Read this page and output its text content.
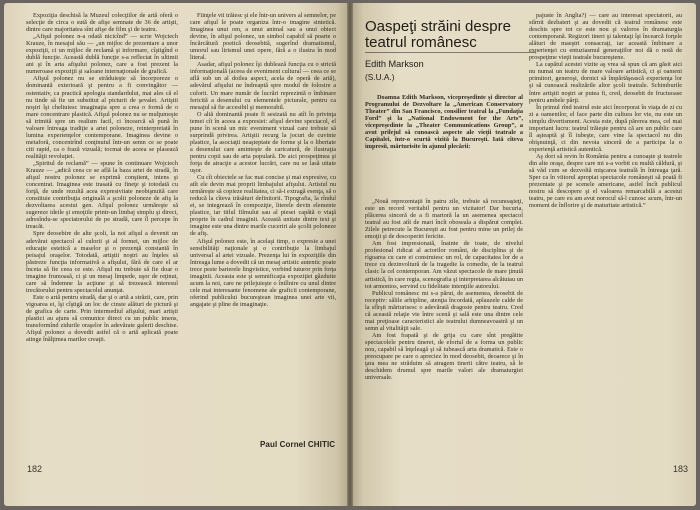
Expoziţia deschisă la Muzeul colecţiilor de artă oferă o selecţie de circa o sută de afişe semnate de 36 de artişti, dintre care majoritatea sînt afişe de film şi de teatru.

„Afişul polonez n-a odată nicicînd” — scrie Wojciech Krauze, în mesajul său — „un mijloc de prezentare a unor expoziţii, ci un mijloc de reclamă şi informare, cîştigînd o dublă funcţie. Această dublă funcţie s-a reflectat în ultimii ani şi în arta afişului polonez, care a fost prezent la numeroase expoziţii şi saloane internaţionale de grafică.

Afişul polonez nu se străduieşte să încorporeze o dominantă exterioară şi pentru a fi convingător — ostentativ, ca practică apologia standardului, mai ales că el nu tinde să fie un substitut al picturii de şevalet. Artiştii noştri îşi cheltuiesc imaginaţia spre a crea o formă de o mare concentrare plastică. Afişul polonez nu se mulţumeşte să trimită spre un realism facil, ci încearcă să pună în valoare întreaga tradiţie a artei poloneze, reinterpretată în lumina experienţelor contemporane. Imaginea devine o metaforă, concentrînd conţinutul într-un semn ce se poate citi rapid, ca o frază vizuală; tocmai de aceea se plasează realităţii revoluţiei.

„Spiritul de reclamă” — spune în continuare Wojciech Krauze — „adică ceea ce se află la baza artei de stradă, în afişul nostru polonez se exprimă conştient, intens şi concentrat. Imaginea este trasată cu fineţe şi totodată cu forţă, de unde rezultă acea expresivitate neobişnuită care constituie contribuţia originală a şcolii poloneze de afiş la dezvoltarea acestui gen. Afişul polonez urmăreşte să sugereze ideile şi emoţiile printr-un limbaj simplu şi direct, adresîndu-se spectatorului de pe stradă, care îl percepe în treacăt.

Spre deosebire de alte şcoli, la noi afişul a devenit un adevărat spectacol al culorii şi al formei, un mijloc de educaţie estetică a maselor şi o prezenţă constantă în peisajul oraşelor. Totodată, artiştii noştri au înţeles să păstreze funcţia informativă a afişului, fără de care el ar înceta să fie ceea ce este. Afişul nu trebuie să fie doar o imagine frumoasă, ci şi un mesaj limpede, uşor de reţinut, care să îndemne la acţiune şi să trezească interesul trecătorului pentru spectacolul anunţat.

Este o artă pentru stradă, dar şi o artă a străzii, care, prin vigoarea ei, îşi cîştigă un loc de cinste alături de pictură şi de grafica de carte. Prin intermediul afişului, mari artişti plastici au ajuns să comunice direct cu un public imens, transformînd zidurile oraşelor în adevărate galerii deschise. Afişul polonez a dovedit astfel că o artă aplicată poate atinge înălţimea marilor creaţii.

Fiinţele vii trăiesc şi ele într-un univers al semnelor, pe care afişul le poate organiza într-o imagine sintetică. Imaginea unui om, a unui animal sau a unui obiect devine, în afişul polonez, un simbol capabil să poarte o încărcătură poetică deosebită, sugerînd dramatismul, umorul sau lirismul unei opere, fără a o ilustra în mod literal.

Asadar, afişul polonez îşi dublează funcţia cu o strictă informaţională (aceea de eveniment cultural — ceea ce se află sub un al doilea aspect, acela de operă de artă), adevărul afişului ne îndreaptă spre modul de folosire a culorii. Un mare număr de lucrări reprezintă o îmbinare fericită a desenului cu elementele picturale, pentru ca mesajul să fie accesibil şi memorabil.

O altă dominantă poate fi sesizată nu atît în privinţa temei cît în aceea a expresiei: afişul devine spectacol, el pune în scenă un mic eveniment vizual care trebuie să surprindă privirea. Artiştii recurg la jocuri de cuvinte plastice, la asociaţii neaşteptate de forme şi la o libertate a desenului care aminteşte de caricatură, de ilustraţia pentru copii sau de arta populară. De aici prospeţimea şi forţa de atracţie a acestor lucrări, care nu se lasă uitate uşor.

Cu cît obiectele se fac mai concise şi mai expresive, cu atît ele devin mai proprii limbajului afişului. Artistul nu urmăreşte să copieze realitatea, ci să-i extragă esenţa, să o reducă la cîteva trăsături definitorii. Tipografia, la rîndul ei, se integrează în compoziţie, literele devin elemente plastice, iar titlul filmului sau al piesei capătă o viaţă proprie în cadrul imaginii. Această unitate dintre text şi imagine este una dintre marile cuceriri ale şcolii poloneze de afiş.

Afişul polonez este, în acelaşi timp, o expresie a unei sensibilităţi naţionale şi o contribuţie la limbajul universal al artei vizuale. Prezenţa lui în expoziţiile din întreaga lume a dovedit că un mesaj artistic autentic poate trece peste barierele lingvistice, vorbind tuturor prin forţa imaginii. Aceasta este şi semnificaţia expoziţiei găzduite acum la noi, care ne prilejuieşte o întîlnire cu unul dintre cele mai interesante fenomene ale graficii contemporane, oferind publicului bucureştean imaginea unei arte vii, angajate şi pline de imaginaţie.

Paul Cornel CHITIC
182
Oaspeţi străini despre teatrul românesc
Edith Markson
(S.U.A.)

Doamna Edith Markson, vicepreşedinte şi director al Programului de Dezvoltare la „American Conservatory Theater” din San Francisco, consilier teatral la „Fundaţia Ford” şi la „National Endowment for the Arts”, vicepreşedinte la „Theater Communications Group”, a avut prilejul să cunoască aspecte ale vieţii teatrale a Capitalei, într-o scurtă vizită la Bucureşti. Iată cîteva impresii, mărturisite în ajunul plecării:

„Nouă reprezentaţii în patru zile, trebuie să recunoaşteţi, este un record veritabil pentru un vizitator! Dar bucuria, plăcerea sinceră de a fi martoră la un asemenea spectacol teatral au fost atît de mari încît oboseala a dispărut complet. Zilele petrecute la Bucureşti au fost pentru mine un prilej de emoţii şi de descoperiri fericite.

Am fost impresionată, înainte de toate, de nivelul profesional ridicat al actorilor români, de disciplina şi de rigoarea cu care ei construiesc un rol, de capacitatea lor de a trece cu dezinvoltură de la tragedie la comedie, de la teatrul clasic la cel contemporan. Am văzut spectacole de mare ţinută artistică, în care regia, scenografia şi interpretarea alcătuiau un tot armonios, servind cu fidelitate intenţiile autorului.

Publicul românesc mi s-a părut, de asemenea, deosebit de receptiv: sălile arhipline, atenţia încordată, aplauzele calde de la sfîrşit mărturisesc o adevărată dragoste pentru teatru. Cred că această relaţie vie între scenă şi sală este una dintre cele mai preţioase caracteristici ale teatrului dumneavoastră şi un semn al vitalităţii sale.

Am fost frapată şi de grija cu care sînt pregătite spectacolele pentru tineret, de efortul de a forma un public nou, capabil să înţeleagă şi să iubească arta dramatică. Este o preocupare pe care o apreciez în mod deosebit, deoarece şi în ţara mea ne străduim să atragem tinerii către teatru, să le deschidem drumul spre marile valori ale dramaturgiei universale.

pajuste în Anglia?) — care au interesat spectatorii, au stîrnit dezbateri şi au dovedit că teatrul românesc este deschis spre tot ce este nou şi valoros în dramaturgia contemporană. Regizori tineri şi talentaţi îşi încearcă forţele alături de maeştri consacraţi, iar această îmbinare a experienţei cu entuziasmul generaţiilor noi dă o notă de prospeţime vieţii teatrale bucureştene.

La capătul acestei vizite aş vrea să spun că am găsit aici nu numai un teatru de mare valoare artistică, ci şi oameni primitori, generoşi, dornici să împărtăşească experienţa lor şi să cunoască realizările altor şcoli teatrale. Schimburile între artiştii noştri ar putea fi, cred, deosebit de fructuoase pentru ambele părţi.

În primul rînd teatrul este aici încorporat în viaţa de zi cu zi a oamenilor, el face parte din cultura lor vie, nu este un simplu divertisment. Acesta este, după părerea mea, cel mai important lucru: teatrul trăieşte pentru că are un public care îl aşteaptă şi îl iubeşte, care vine la spectacol nu din obişnuinţă, ci din nevoia sinceră de a participa la o experienţă artistică autentică.

Aş dori să revin în România pentru a cunoaşte şi teatrele din alte oraşe, despre care mi s-a vorbit cu multă căldură, şi să văd cum se dezvoltă mişcarea teatrală în întreaga ţară. Sper ca în viitorul apropiat spectacole româneşti să poată fi prezentate şi pe scenele americane, astfel încît publicul nostru să descopere şi el valoarea remarcabilă a acestui teatru, pe care eu am avut norocul să-l cunosc acum, într-un moment de înflorire şi de maturitate artistică.”

183
